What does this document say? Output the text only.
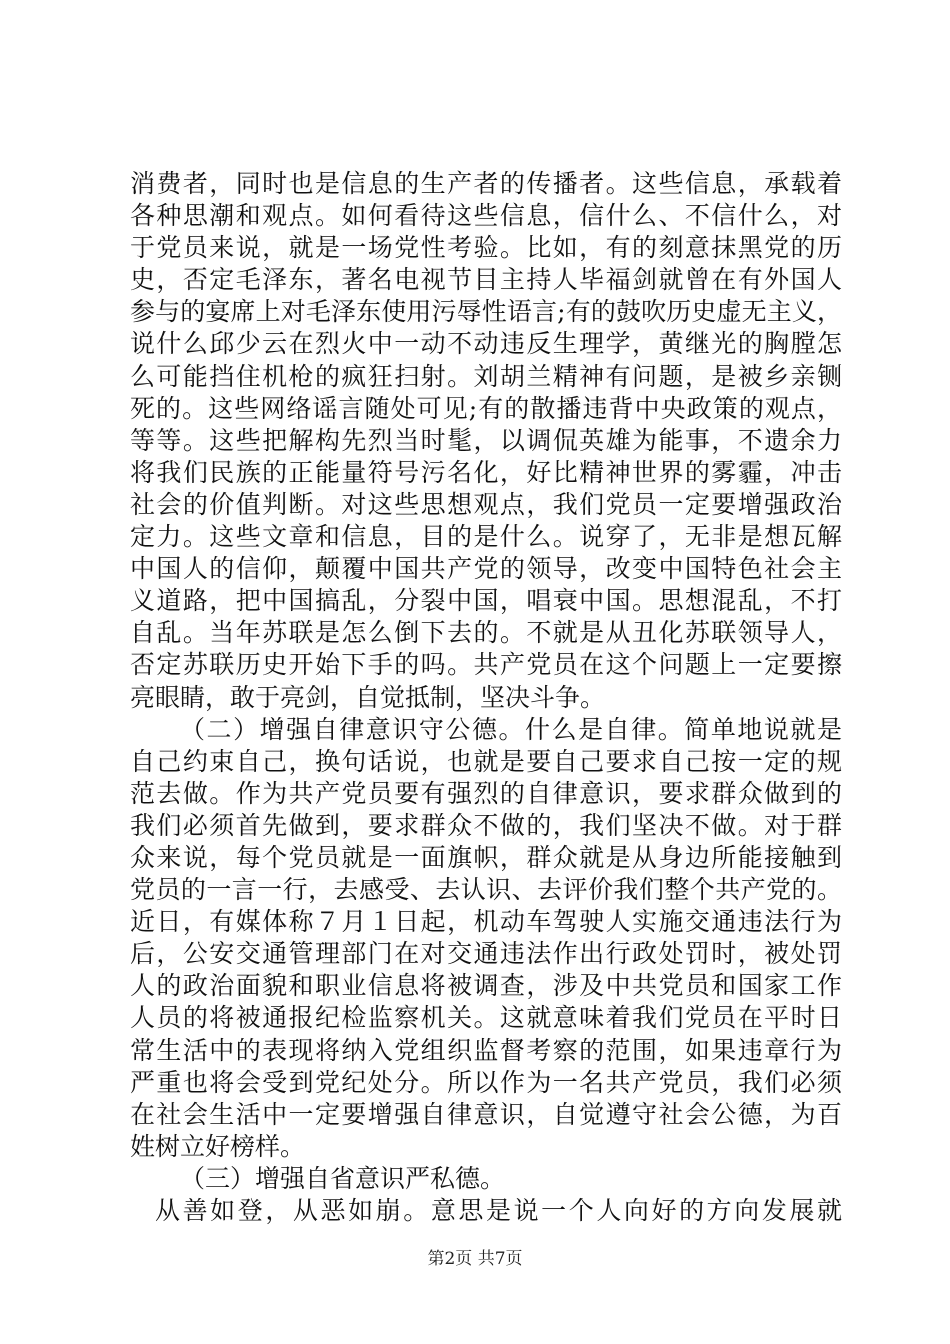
消费者，同时也是信息的生产者的传播者。这些信息，承载着
各种思潮和观点。如何看待这些信息，信什么、不信什么，对
于党员来说，就是一场党性考验。比如，有的刻意抹黑党的历
史，否定毛泽东，著名电视节目主持人毕福剑就曾在有外国人
参与的宴席上对毛泽东使用污辱性语言;有的鼓吹历史虚无主义，
说什么邱少云在烈火中一动不动违反生理学，黄继光的胸膛怎
么可能挡住机枪的疯狂扫射。刘胡兰精神有问题，是被乡亲铡
死的。这些网络谣言随处可见;有的散播违背中央政策的观点，
等等。这些把解构先烈当时髦，以调侃英雄为能事，不遗余力
将我们民族的正能量符号污名化，好比精神世界的雾霾，冲击
社会的价值判断。对这些思想观点，我们党员一定要增强政治
定力。这些文章和信息，目的是什么。说穿了，无非是想瓦解
中国人的信仰，颠覆中国共产党的领导，改变中国特色社会主
义道路，把中国搞乱，分裂中国，唱衰中国。思想混乱，不打
自乱。当年苏联是怎么倒下去的。不就是从丑化苏联领导人，
否定苏联历史开始下手的吗。共产党员在这个问题上一定要擦
亮眼睛，敢于亮剑，自觉抵制，坚决斗争。
（二）增强自律意识守公德。什么是自律。简单地说就是
自己约束自己，换句话说，也就是要自己要求自己按一定的规
范去做。作为共产党员要有强烈的自律意识，要求群众做到的
我们必须首先做到，要求群众不做的，我们坚决不做。对于群
众来说，每个党员就是一面旗帜，群众就是从身边所能接触到
党员的一言一行，去感受、去认识、去评价我们整个共产党的。
近日，有媒体称７月１日起，机动车驾驶人实施交通违法行为
后，公安交通管理部门在对交通违法作出行政处罚时，被处罚
人的政治面貌和职业信息将被调查，涉及中共党员和国家工作
人员的将被通报纪检监察机关。这就意味着我们党员在平时日
常生活中的表现将纳入党组织监督考察的范围，如果违章行为
严重也将会受到党纪处分。所以作为一名共产党员，我们必须
在社会生活中一定要增强自律意识，自觉遵守社会公德，为百
姓树立好榜样。
（三）增强自省意识严私德。
从善如登，从恶如崩。意思是说一个人向好的方向发展就
第2页 共7页
